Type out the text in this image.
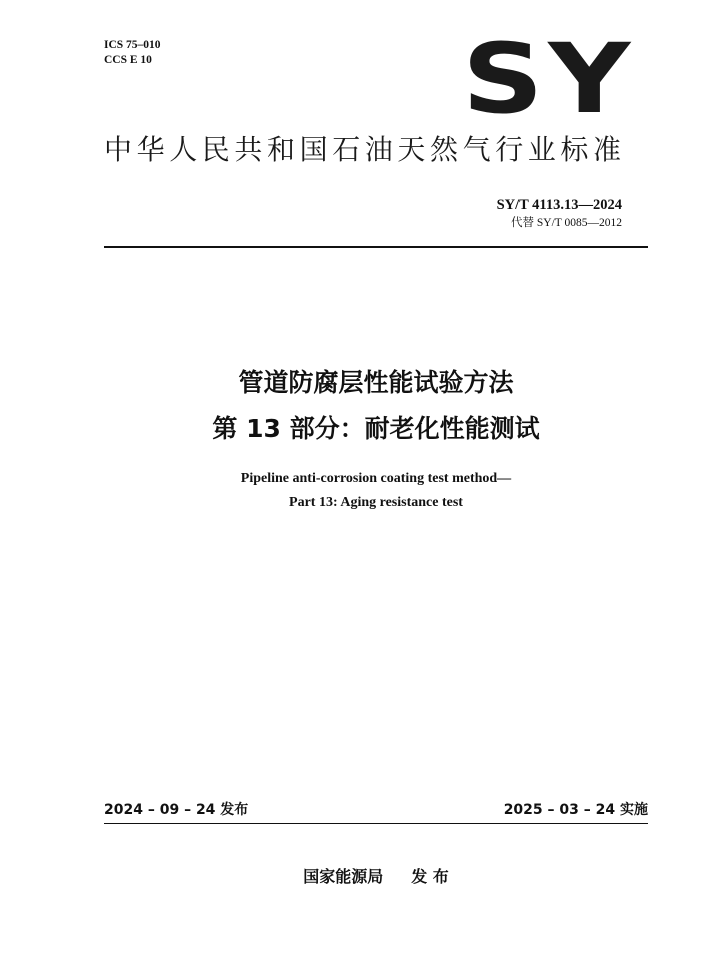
ICS 75–010
CCS E 10	SY
中华人民共和国石油天然气行业标准
SY/T 4113.13—2024
代替 SY/T 0085—2012
管道防腐层性能试验方法
第 13 部分：耐老化性能测试
Pipeline anti-corrosion coating test method—
Part 13: Aging resistance test
2024 – 09 – 24 发布	2025 – 03 – 24 实施
国家能源局 发 布
